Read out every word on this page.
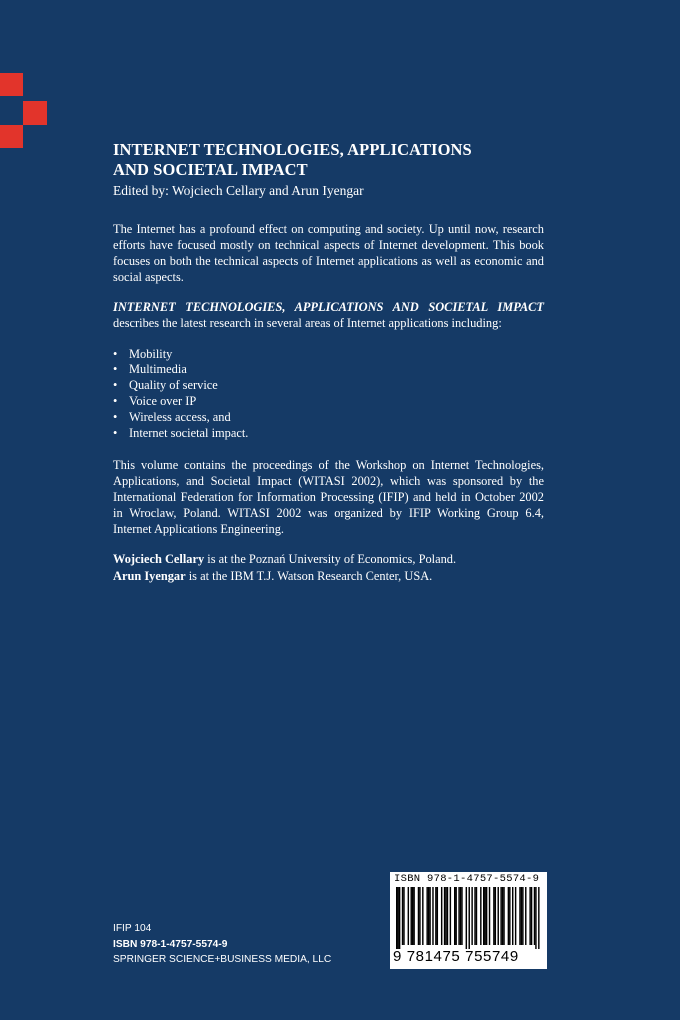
INTERNET TECHNOLOGIES, APPLICATIONS
AND SOCIETAL IMPACT

Edited by: Wojciech Cellary and Arun Iyengar

The Internet has a profound effect on computing and society. Up until now, research efforts have focused mostly on technical aspects of Internet development. This book focuses on both the technical aspects of Internet applications as well as economic and social aspects.

INTERNET TECHNOLOGIES, APPLICATIONS AND SOCIETAL IMPACT describes the latest research in several areas of Internet applications including:

• Mobility
• Multimedia
• Quality of service
• Voice over IP
• Wireless access, and
• Internet societal impact.

This volume contains the proceedings of the Workshop on Internet Technologies, Applications, and Societal Impact (WITASI 2002), which was sponsored by the International Federation for Information Processing (IFIP) and held in October 2002 in Wroclaw, Poland. WITASI 2002 was organized by IFIP Working Group 6.4, Internet Applications Engineering.

Wojciech Cellary is at the Poznań University of Economics, Poland.
Arun Iyengar is at the IBM T.J. Watson Research Center, USA.

IFIP 104
ISBN 978-1-4757-5574-9
SPRINGER SCIENCE+BUSINESS MEDIA, LLC
ISBN 978-1-4757-5574-9
9 781475 755749
